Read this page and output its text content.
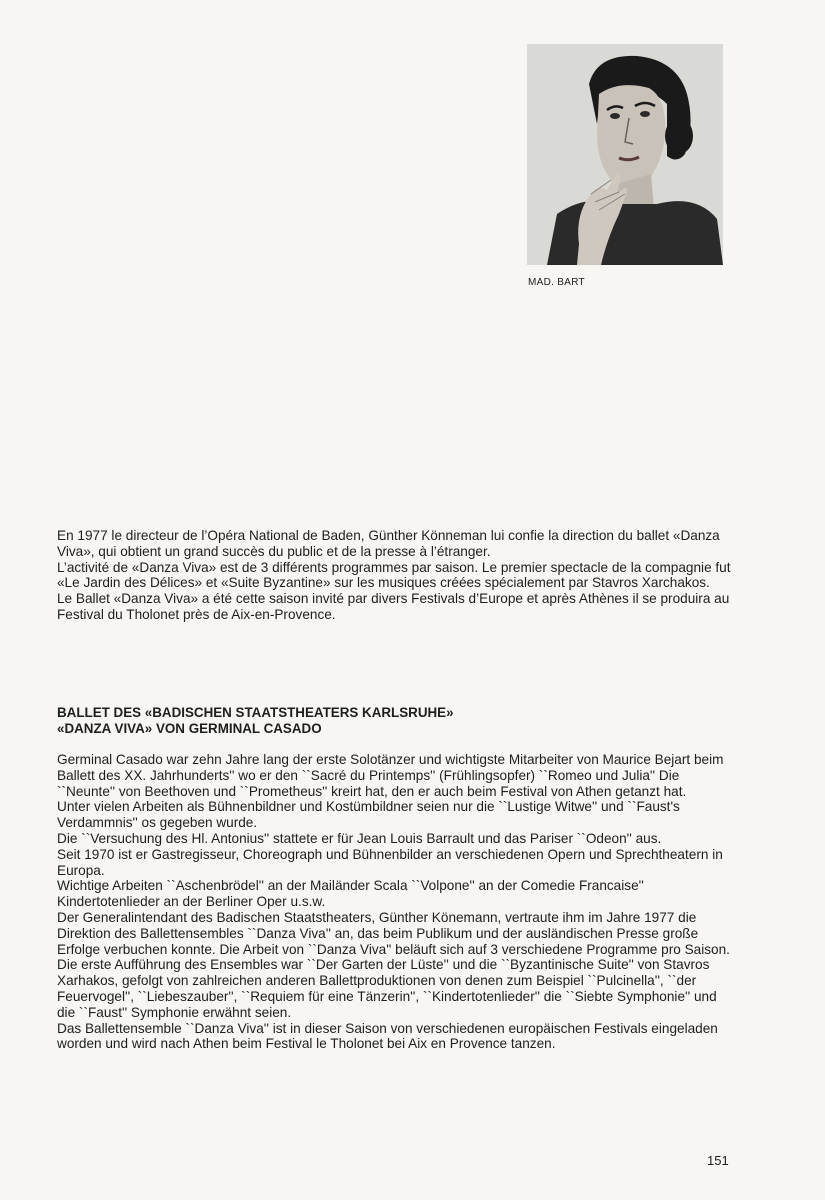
MAD. BART

En 1977 le directeur de l’Opéra National de Baden, Günther Könneman lui confie la direction du ballet «Danza Viva», qui obtient un grand succès du public et de la presse à l’étranger.

L’activité de «Danza Viva» est de 3 différents programmes par saison. Le premier spectacle de la compagnie fut «Le Jardin des Délices» et «Suite Byzantine» sur les musiques créées spécialement par Stavros Xarchakos.

Le Ballet «Danza Viva» a été cette saison invité par divers Festivals d’Europe et après Athènes il se produira au Festival du Tholonet près de Aix-en-Provence.

BALLET DES «BADISCHEN STAATSTHEATERS KARLSRUHE»
«DANZA VIVA» VON GERMINAL CASADO

Germinal Casado war zehn Jahre lang der erste Solotänzer und wichtigste Mitarbeiter von Maurice Bejart beim Ballett des XX. Jahrhunderts'' wo er den ``Sacré du Printemps'' (Frühlingsopfer) ``Romeo und Julia'' Die ``Neunte'' von Beethoven und ``Prometheus'' kreirt hat, den er auch beim Festival von Athen getanzt hat.

Unter vielen Arbeiten als Bühnenbildner und Kostümbildner seien nur die ``Lustige Witwe'' und ``Faust's Verdammnis'' os gegeben wurde.

Die ``Versuchung des Hl. Antonius'' stattete er für Jean Louis Barrault und das Pariser ``Odeon'' aus.

Seit 1970 ist er Gastregisseur, Choreograph und Bühnenbilder an verschiedenen Opern und Sprechtheatern in Europa.

Wichtige Arbeiten ``Aschenbrödel'' an der Mailänder Scala ``Volpone'' an der Comedie Francaise'' Kindertotenlieder an der Berliner Oper u.s.w.

Der Generalintendant des Badischen Staatstheaters, Günther Könemann, vertraute ihm im Jahre 1977 die Direktion des Ballettensembles ``Danza Viva'' an, das beim Publikum und der ausländischen Presse große Erfolge verbuchen konnte. Die Arbeit von ``Danza Viva'' beläuft sich auf 3 verschiedene Programme pro Saison.

Die erste Aufführung des Ensembles war ``Der Garten der Lüste'' und die ``Byzantinische Suite'' von Stavros Xarhakos, gefolgt von zahlreichen anderen Ballettproduktionen von denen zum Beispiel ``Pulcinella'', ``der Feuervogel'', ``Liebeszauber'', ``Requiem für eine Tänzerin'', ``Kindertotenlieder'' die ``Siebte Symphonie'' und die ``Faust'' Symphonie erwähnt seien.

Das Ballettensemble ``Danza Viva'' ist in dieser Saison von verschiedenen europäischen Festivals eingeladen worden und wird nach Athen beim Festival le Tholonet bei Aix en Provence tanzen.

151
